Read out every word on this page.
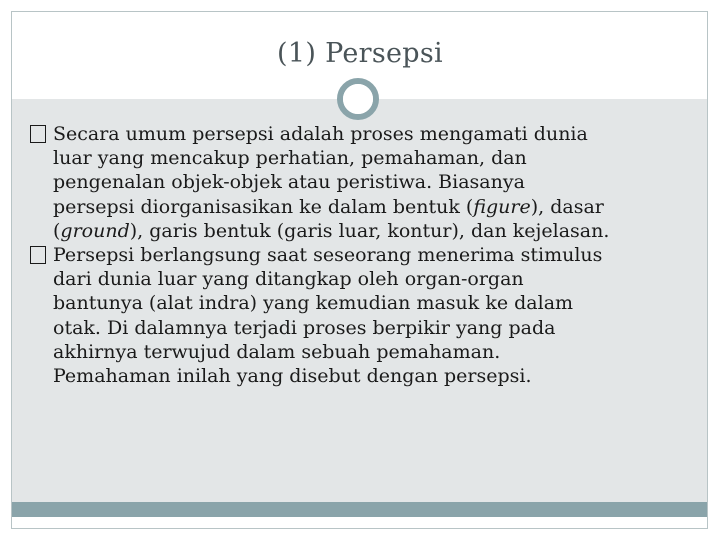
(1) Persepsi
Secara umum persepsi adalah proses mengamati dunia
luar yang mencakup perhatian, pemahaman, dan
pengenalan objek-objek atau peristiwa. Biasanya
persepsi diorganisasikan ke dalam bentuk (figure), dasar
(ground), garis bentuk (garis luar, kontur), dan kejelasan.
Persepsi berlangsung saat seseorang menerima stimulus
dari dunia luar yang ditangkap oleh organ-organ
bantunya (alat indra) yang kemudian masuk ke dalam
otak. Di dalamnya terjadi proses berpikir yang pada
akhirnya terwujud dalam sebuah pemahaman.
Pemahaman inilah yang disebut dengan persepsi.
